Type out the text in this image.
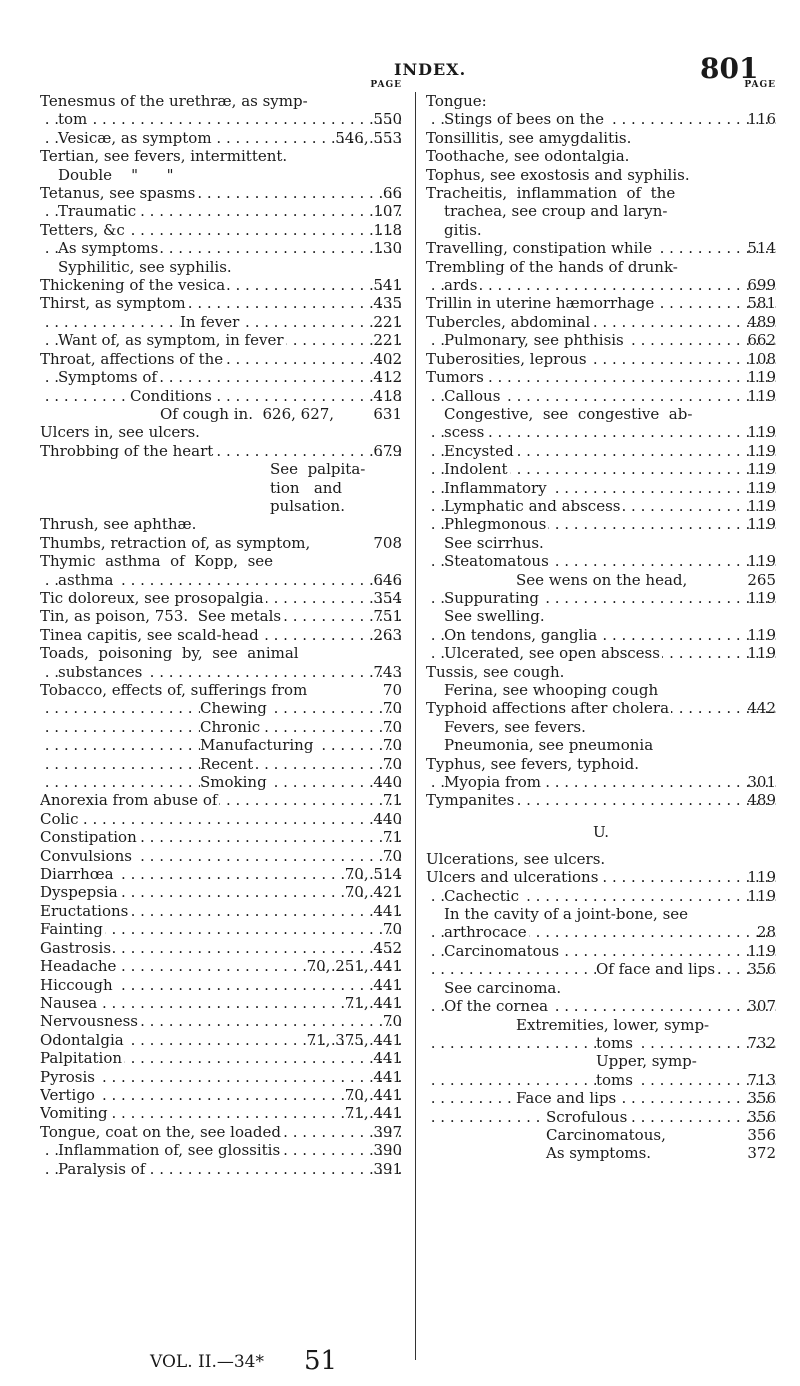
INDEX.	801
PAGE
Tenesmus of the urethræ, as symp-
tom	550
. . .
Vesicæ, as symptom	546, 553
. . .
Tertian, see fevers, intermittent.
Double    "      "
Tetanus, see spasms	66
. . .
Traumatic	107
. . .
Tetters, &c	118
. . .
As symptoms	130
. . .
Syphilitic, see syphilis.
Thickening of the vesica	541
. . .
Thirst, as symptom	435
. . .
In fever	221
. . .
Want of, as symptom, in fever	221
. . .
Throat, affections of the	402
. . .
Symptoms of	412
. . .
Conditions	418
. . .
Of cough in.  626, 627,	631
Ulcers in, see ulcers.
Throbbing of the heart	679
. . .
See  palpita-
tion   and
pulsation.
Thrush, see aphthæ.
Thumbs, retraction of, as symptom,	708
Thymic  asthma  of  Kopp,  see
asthma	646
. . .
Tic doloreux, see prosopalgia	354
. . .
Tin, as poison, 753.  See metals	751
. . .
Tinea capitis, see scald-head	263
. . .
Toads,  poisoning  by,  see  animal
substances	743
. . .
Tobacco, effects of, sufferings from	70
Chewing	70
. . .
Chronic	70
. . .
Manufacturing	70
. . .
Recent	70
. . .
Smoking	440
. . .
Anorexia from abuse of	71
. . .
Colic	440
. . .
Constipation	71
. . .
Convulsions	70
. . .
Diarrhœa	70, 514
. . .
Dyspepsia	70, 421
. . .
Eructations	441
. . .
Fainting	70
. . .
Gastrosis	452
. . .
Headache	70, 251, 441
. . .
Hiccough	441
. . .
Nausea	71, 441
. . .
Nervousness	70
. . .
Odontalgia	71, 375, 441
. . .
Palpitation	441
. . .
Pyrosis	441
. . .
Vertigo	70, 441
. . .
Vomiting	71, 441
. . .
Tongue, coat on the, see loaded	397
. . .
Inflammation of, see glossitis	390
. . .
Paralysis of	391
. . .
PAGE
Tongue:
Stings of bees on the	116
. . .
Tonsillitis, see amygdalitis.
Toothache, see odontalgia.
Tophus, see exostosis and syphilis.
Tracheitis,  inflammation  of  the
trachea, see croup and laryn-
gitis.
Travelling, constipation while	514
. . .
Trembling of the hands of drunk-
ards	699
. . .
Trillin in uterine hæmorrhage	581
. . .
Tubercles, abdominal	489
. . .
Pulmonary, see phthisis	662
. . .
Tuberosities, leprous	108
. . .
Tumors	119
. . .
Callous	119
. . .
Congestive,  see  congestive  ab-
scess	119
. . .
Encysted	119
. . .
Indolent	119
. . .
Inflammatory	119
. . .
Lymphatic and abscess	119
. . .
Phlegmonous	119
. . .
See scirrhus.
Steatomatous	119
. . .
See wens on the head,	265
Suppurating	119
. . .
See swelling.
On tendons, ganglia	119
. . .
Ulcerated, see open abscess	119
. . .
Tussis, see cough.
Ferina, see whooping cough
Typhoid affections after cholera	442
. . .
Fevers, see fevers.
Pneumonia, see pneumonia
Typhus, see fevers, typhoid.
Myopia from	301
. . .
Tympanites	489
. . .
U.
Ulcerations, see ulcers.
Ulcers and ulcerations	119
. . .
Cachectic	119
. . .
In the cavity of a joint-bone, see
arthrocace	28
. . .
Carcinomatous	119
. . .
Of face and lips 356
. . .
See carcinoma.
Of the cornea	307
. . .
Extremities, lower, symp-
toms	732
. . .
Upper, symp-
toms	713
. . .
Face and lips	356
. . .
Scrofulous	356
. . .
Carcinomatous,	356
As symptoms.	372
VOL. II.—34* 51
